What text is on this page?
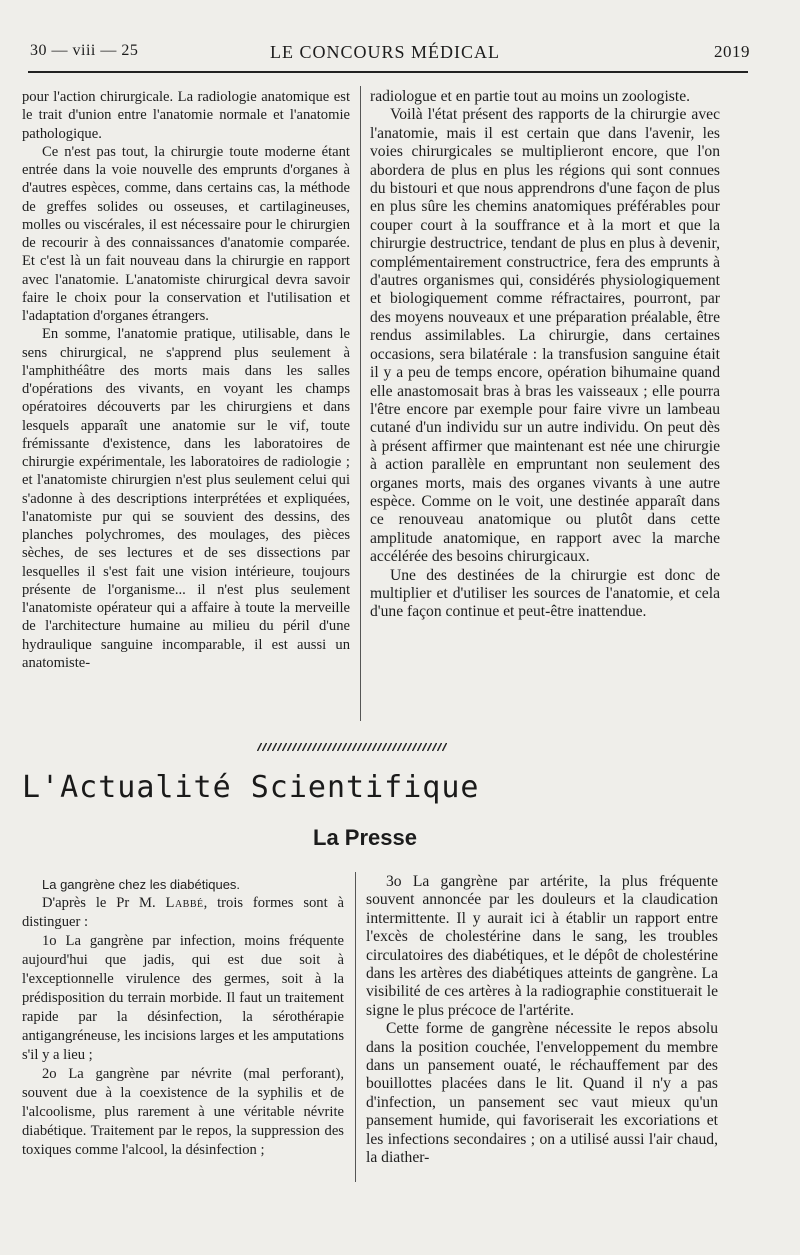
30 — viii — 25	LE CONCOURS MÉDICAL	2019

pour l'action chirurgicale. La radiologie anatomique est le trait d'union entre l'anatomie normale et l'anatomie pathologique.

Ce n'est pas tout, la chirurgie toute moderne étant entrée dans la voie nouvelle des emprunts d'organes à d'autres espèces, comme, dans certains cas, la méthode de greffes solides ou osseuses, et cartilagineuses, molles ou viscérales, il est nécessaire pour le chirurgien de recourir à des connaissances d'anatomie comparée. Et c'est là un fait nouveau dans la chirurgie en rapport avec l'anatomie. L'anatomiste chirurgical devra savoir faire le choix pour la conservation et l'utilisation et l'adaptation d'organes étrangers.

En somme, l'anatomie pratique, utilisable, dans le sens chirurgical, ne s'apprend plus seulement à l'amphithéâtre des morts mais dans les salles d'opérations des vivants, en voyant les champs opératoires découverts par les chirurgiens et dans lesquels apparaît une anatomie sur le vif, toute frémissante d'existence, dans les laboratoires de chirurgie expérimentale, les laboratoires de radiologie ; et l'anatomiste chirurgien n'est plus seulement celui qui s'adonne à des descriptions interprétées et expliquées, l'anatomiste pur qui se souvient des dessins, des planches polychromes, des moulages, des pièces sèches, de ses lectures et de ses dissections par lesquelles il s'est fait une vision intérieure, toujours présente de l'organisme... il n'est plus seulement l'anatomiste opérateur qui a affaire à toute la merveille de l'architecture humaine au milieu du péril d'une hydraulique sanguine incomparable, il est aussi un anatomiste-

radiologue et en partie tout au moins un zoologiste.

Voilà l'état présent des rapports de la chirurgie avec l'anatomie, mais il est certain que dans l'avenir, les voies chirurgicales se multiplieront encore, que l'on abordera de plus en plus les régions qui sont connues du bistouri et que nous apprendrons d'une façon de plus en plus sûre les chemins anatomiques préférables pour couper court à la souffrance et à la mort et que la chirurgie destructrice, tendant de plus en plus à devenir, complémentairement constructrice, fera des emprunts à d'autres organismes qui, considérés physiologiquement et biologiquement comme réfractaires, pourront, par des moyens nouveaux et une préparation préalable, être rendus assimilables. La chirurgie, dans certaines occasions, sera bilatérale : la transfusion sanguine était il y a peu de temps encore, opération bihumaine quand elle anastomosait bras à bras les vaisseaux ; elle pourra l'être encore par exemple pour faire vivre un lambeau cutané d'un individu sur un autre individu. On peut dès à présent affirmer que maintenant est née une chirurgie à action parallèle en empruntant non seulement des organes morts, mais des organes vivants à une autre espèce. Comme on le voit, une destinée apparaît dans ce renouveau anatomique ou plutôt dans cette amplitude anatomique, en rapport avec la marche accélérée des besoins chirurgicaux.

Une des destinées de la chirurgie est donc de multiplier et d'utiliser les sources de l'anatomie, et cela d'une façon continue et peut-être inattendue.

L'Actualité Scientifique
La Presse

La gangrène chez les diabétiques.

D'après le Pr M. Labbé, trois formes sont à distinguer :

1o La gangrène par infection, moins fréquente aujourd'hui que jadis, qui est due soit à l'exceptionnelle virulence des germes, soit à la prédisposition du terrain morbide. Il faut un traitement rapide par la désinfection, la sérothérapie antigangréneuse, les incisions larges et les amputations s'il y a lieu ;

2o La gangrène par névrite (mal perforant), souvent due à la coexistence de la syphilis et de l'alcoolisme, plus rarement à une véritable névrite diabétique. Traitement par le repos, la suppression des toxiques comme l'alcool, la désinfection ;

3o La gangrène par artérite, la plus fréquente souvent annoncée par les douleurs et la claudication intermittente. Il y aurait ici à établir un rapport entre l'excès de cholestérine dans le sang, les troubles circulatoires des diabétiques, et le dépôt de cholestérine dans les artères des diabétiques atteints de gangrène. La visibilité de ces artères à la radiographie constituerait le signe le plus précoce de l'artérite.

Cette forme de gangrène nécessite le repos absolu dans la position couchée, l'enveloppement du membre dans un pansement ouaté, le réchauffement par des bouillottes placées dans le lit. Quand il n'y a pas d'infection, un pansement sec vaut mieux qu'un pansement humide, qui favoriserait les excoriations et les infections secondaires ; on a utilisé aussi l'air chaud, la diather-
